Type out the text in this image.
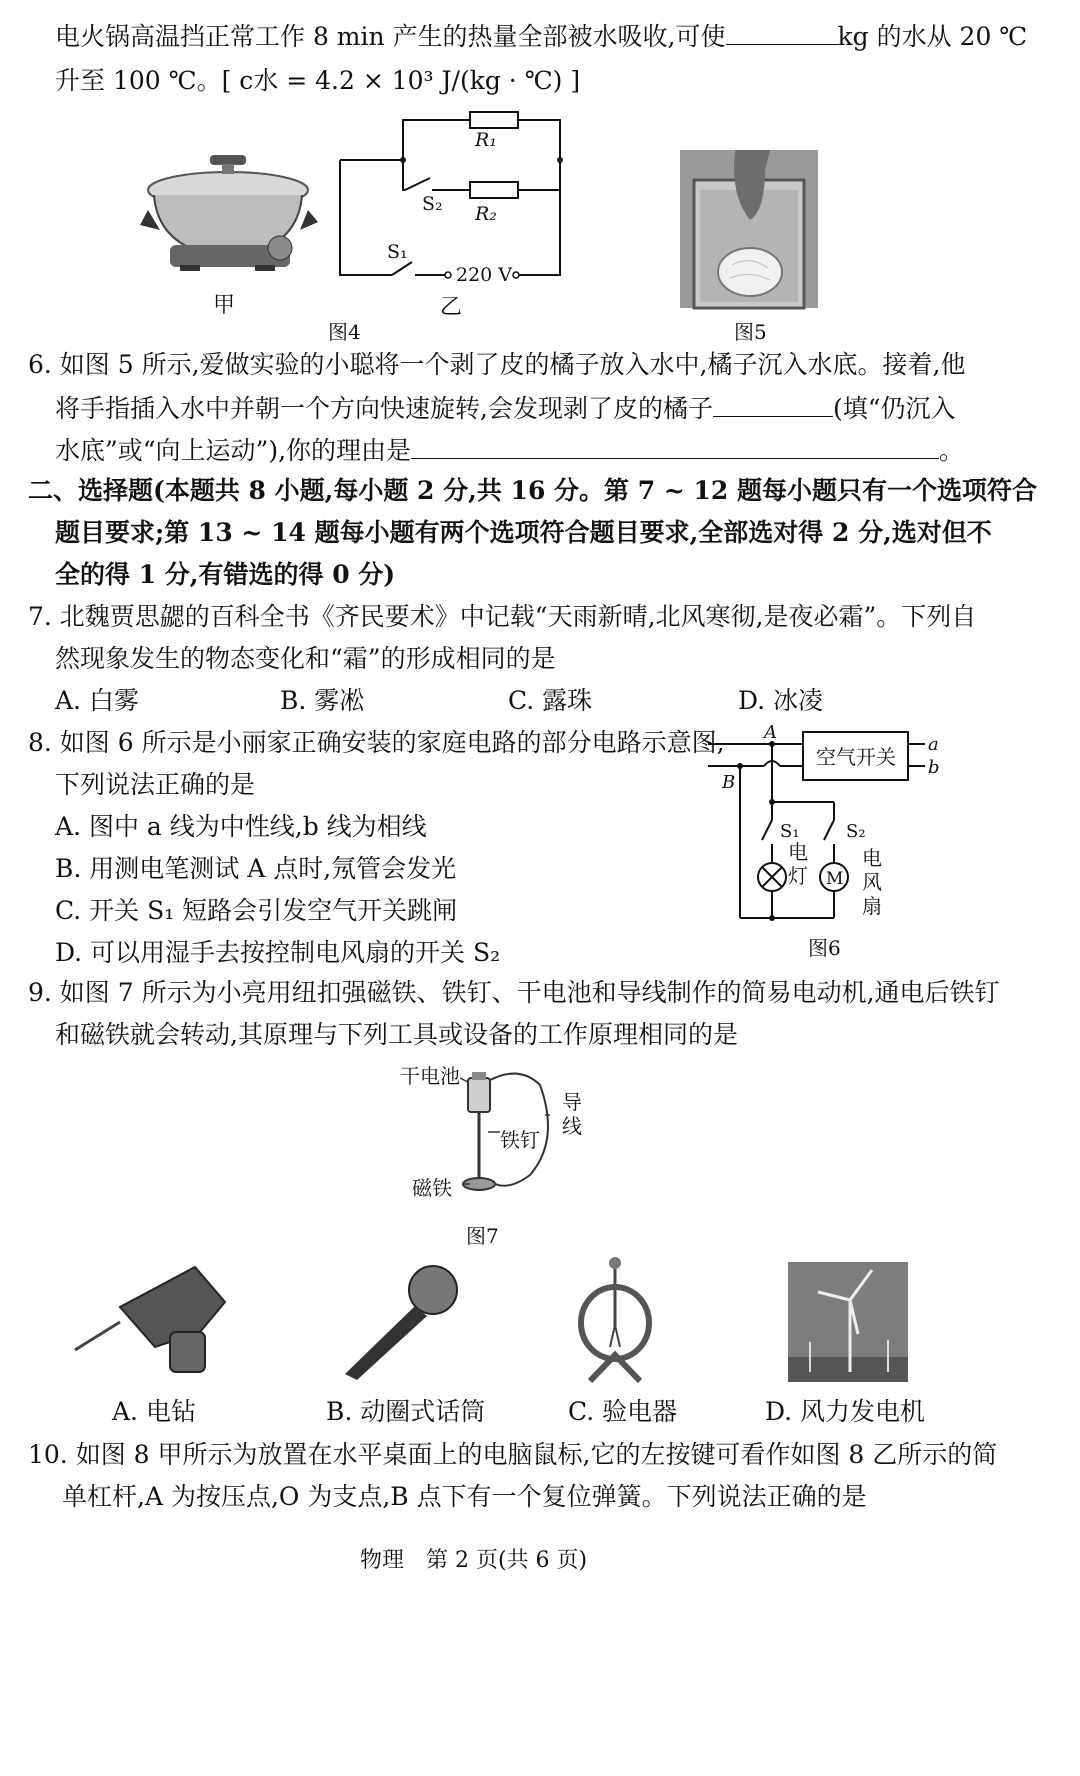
电火锅高温挡正常工作 8 min 产生的热量全部被水吸收,可使	kg 的水从 20 ℃
升至 100 ℃。[ c水 = 4.2 × 10³ J/(kg · ℃) ]
甲
R₁
R₂
S₂
S₁
220 V
乙
图4	图5
6. 如图 5 所示,爱做实验的小聪将一个剥了皮的橘子放入水中,橘子沉入水底。接着,他
将手指插入水中并朝一个方向快速旋转,会发现剥了皮的橘子	(填“仍沉入
水底”或“向上运动”),你的理由是	。
二、选择题(本题共 8 小题,每小题 2 分,共 16 分。第 7 ~ 12 题每小题只有一个选项符合
题目要求;第 13 ~ 14 题每小题有两个选项符合题目要求,全部选对得 2 分,选对但不
全的得 1 分,有错选的得 0 分)
7. 北魏贾思勰的百科全书《齐民要术》中记载“天雨新晴,北风寒彻,是夜必霜”。下列自
然现象发生的物态变化和“霜”的形成相同的是
A. 白雾	B. 雾凇	C. 露珠	D. 冰凌
8. 如图 6 所示是小丽家正确安装的家庭电路的部分电路示意图,
下列说法正确的是
A. 图中 a 线为中性线,b 线为相线
B. 用测电笔测试 A 点时,氖管会发光
C. 开关 S₁ 短路会引发空气开关跳闸
D. 可以用湿手去按控制电风扇的开关 S₂
空气开关
a
b
A
B
S₁
M
S₂
电灯
电风扇
图6
9. 如图 7 所示为小亮用纽扣强磁铁、铁钉、干电池和导线制作的简易电动机,通电后铁钉
和磁铁就会转动,其原理与下列工具或设备的工作原理相同的是
干电池
铁钉
导线
磁铁
图7
A. 电钻	B. 动圈式话筒	C. 验电器	D. 风力发电机
10. 如图 8 甲所示为放置在水平桌面上的电脑鼠标,它的左按键可看作如图 8 乙所示的简
单杠杆,A 为按压点,O 为支点,B 点下有一个复位弹簧。下列说法正确的是
物理　第 2 页(共 6 页)
